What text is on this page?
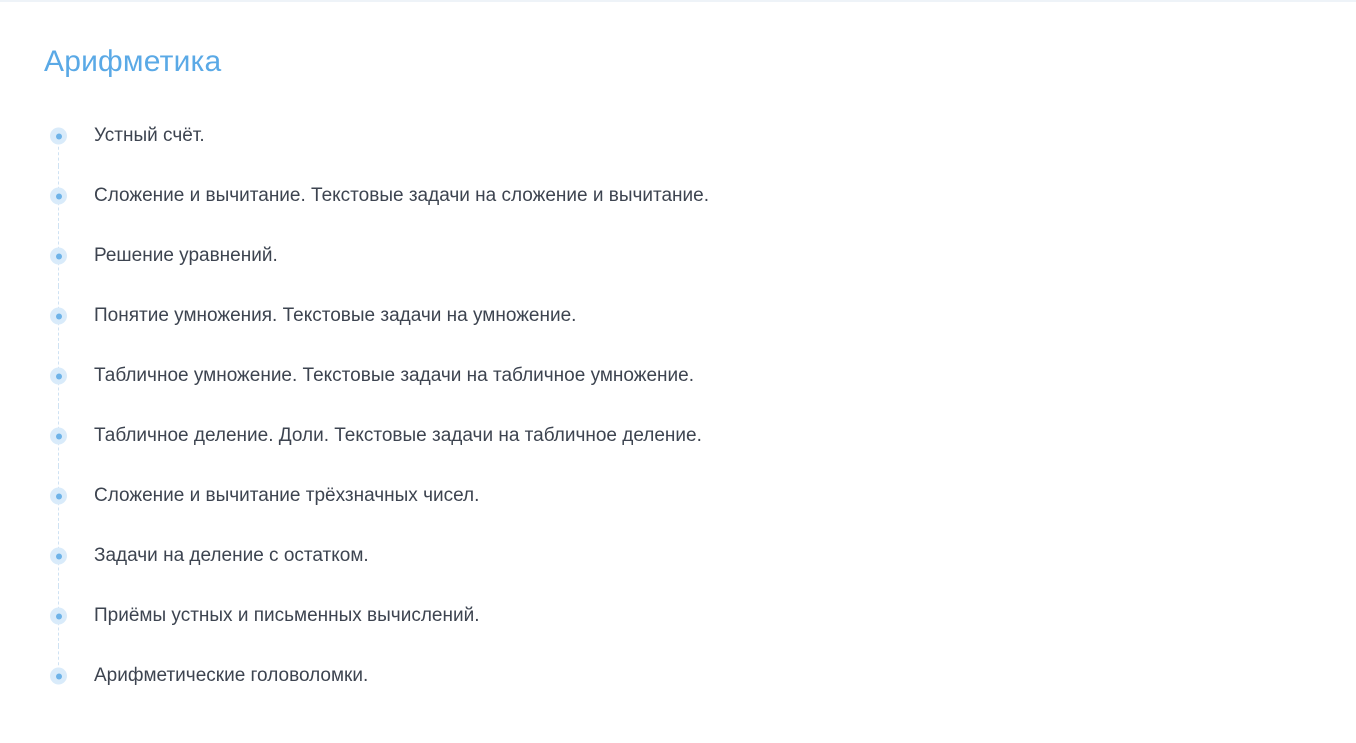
Арифметика
Устный счёт.
Сложение и вычитание. Текстовые задачи на сложение и вычитание.
Решение уравнений.
Понятие умножения. Текстовые задачи на умножение.
Табличное умножение. Текстовые задачи на табличное умножение.
Табличное деление. Доли. Текстовые задачи на табличное деление.
Сложение и вычитание трёхзначных чисел.
Задачи на деление с остатком.
Приёмы устных и письменных вычислений.
Арифметические головоломки.
